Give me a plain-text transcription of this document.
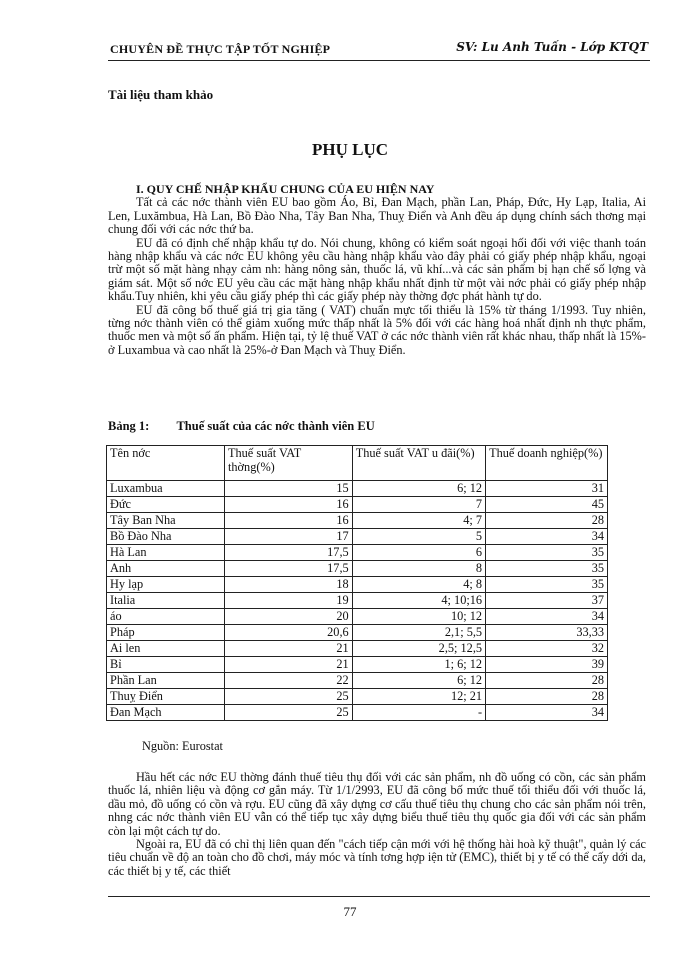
CHUYÊN ĐỀ THỰC TẬP TỐT NGHIỆP	SV: Lu Anh Tuấn - Lớp KTQT
Tài liệu tham khảo
PHỤ LỤC

I. QUY CHẾ NHẬP KHẨU CHUNG CỦA EU HIỆN NAY

Tất cả các nớc thành viên EU bao gồm Áo, Bỉ, Đan Mạch, phần Lan, Pháp, Đức, Hy Lạp, Italia, Ai Len, Luxămbua, Hà Lan, Bồ Đào Nha, Tây Ban Nha, Thuỵ Điển và Anh đều áp dụng chính sách thơng mại chung đối với các nớc thứ ba.

EU đã có định chế nhập khẩu tự do. Nói chung, không có kiểm soát ngoại hối đối với việc thanh toán hàng nhập khẩu và các nớc EU không yêu cầu hàng nhập khẩu vào đây phải có giấy phép nhập khẩu, ngoại trừ một số mặt hàng nhạy cảm nh: hàng nông sản, thuốc lá, vũ khí...và các sản phẩm bị hạn chế số lợng và giám sát. Một số nớc EU yêu cầu các mặt hàng nhập khẩu nhất định từ một vài nớc phải có giấy phép nhập khẩu.Tuy nhiên, khi yêu cầu giấy phép thì các giấy phép này thờng đợc phát hành tự do.

EU đã công bố thuế giá trị gia tăng ( VAT) chuẩn mực tối thiểu là 15% từ tháng 1/1993. Tuy nhiên, từng nớc thành viên có thể giảm xuống mức thấp nhất là 5% đối với các hàng hoá nhất định nh thực phẩm, thuốc men và một số ấn phẩm. Hiện tại, tỷ lệ thuế VAT ở các nớc thành viên rất khác nhau, thấp nhất là 15%-ở Luxambua và cao nhất là 25%-ở Đan Mạch và Thuỵ Điển.

Bảng 1: Thuế suất của các nớc thành viên EU
Tên nớc	Thuế suất VAT thờng(%)	Thuế suất VAT u đãi(%)	Thuế doanh nghiệp(%)
Luxambua	15	6; 12	31
Đức	16	7	45
Tây Ban Nha	16	4; 7	28
Bồ Đào Nha	17	5	34
Hà Lan	17,5	6	35
Anh	17,5	8	35
Hy lạp	18	4; 8	35
Italia	19	4; 10;16	37
áo	20	10; 12	34
Pháp	20,6	2,1; 5,5	33,33
Ai len	21	2,5; 12,5	32
Bỉ	21	1; 6; 12	39
Phần Lan	22	6; 12	28
Thuỵ Điển	25	12; 21	28
Đan Mạch	25	-	34
Nguồn: Eurostat

Hầu hết các nớc EU thờng đánh thuế tiêu thụ đối với các sản phẩm, nh đồ uống có cồn, các sản phẩm thuốc lá, nhiên liệu và động cơ gắn máy. Từ 1/1/2993, EU đã công bố mức thuế tối thiểu đối với thuốc lá, dầu mỏ, đồ uống có cồn và rợu. EU cũng đã xây dựng cơ cấu thuế tiêu thụ chung cho các sản phẩm nói trên, nhng các nớc thành viên EU vẫn có thể tiếp tục xây dựng biểu thuế tiêu thụ quốc gia đối với các sản phẩm còn lại một cách tự do.

Ngoài ra, EU đã có chỉ thị liên quan đến "cách tiếp cận mới với hệ thống hài hoà kỹ thuật", quản lý các tiêu chuẩn về độ an toàn cho đồ chơi, máy móc và tính tơng hợp iện tử (EMC), thiết bị y tế có thể cấy dới da, các thiết bị y tế, các thiết

77
